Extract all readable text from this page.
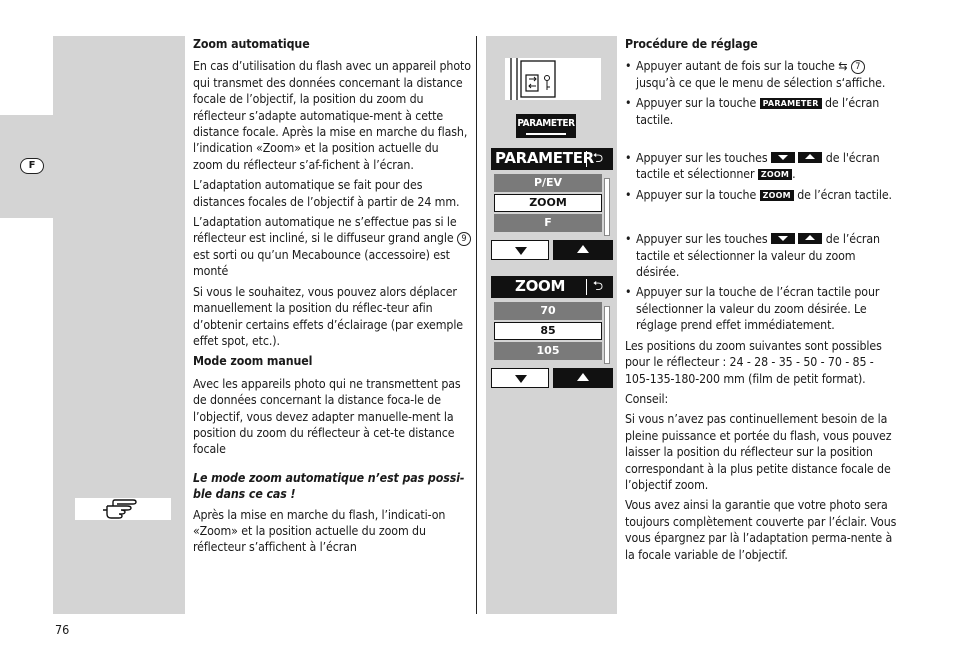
F
Zoom automatique

En cas d’utilisation du flash avec un appareil photo qui transmet des données concernant la distance focale de l’objectif, la position du zoom du réflecteur s’adapte automatique-ment à cette distance focale. Après la mise en marche du flash, l’indication «Zoom» et la position actuelle du zoom du réflecteur s’af-fichent à l’écran.

L’adaptation automatique se fait pour des distances focales de l’objectif à partir de 24 mm.

L’adaptation automatique ne s’effectue pas si le réflecteur est incliné, si le diffuseur grand angle 9 est sorti ou qu’un Mecabounce (accessoire) est monté

Si vous le souhaitez, vous pouvez alors déplacer manuellement la position du réflec-teur afin d’obtenir certains effets d’éclairage (par exemple effet spot, etc.).

Mode zoom manuel

Avec les appareils photo qui ne transmettent pas de données concernant la distance foca-le de l’objectif, vous devez adapter manuelle-ment la position du zoom du réflecteur à cet-te distance focale

Le mode zoom automatique n’est pas possi-ble dans ce cas !

Après la mise en marche du flash, l’indicati-on «Zoom» et la position actuelle du zoom du réflecteur s’affichent à l’écran

PARAMETER
PARAMETER
⮌
P/EV
ZOOM
F
ZOOM	⮌
70
85
105
Procédure de réglage
• Appuyer autant de fois sur la touche ⇆ 7 jusqu’à ce que le menu de sélection s‘affiche.
• Appuyer sur la touche PARAMETER de l’écran tactile.
• Appuyer sur les touches
	de l'écran tactile et sélectionner ZOOM .
• Appuyer sur la touche ZOOM de l’écran tactile.
• Appuyer sur les touches
	de l’écran tactile et sélectionner la valeur du zoom désirée.
• Appuyer sur la touche de l’écran tactile pour sélectionner la valeur du zoom désirée. Le réglage prend effet immédiatement.

Les positions du zoom suivantes sont possibles pour le réflecteur : 24 - 28 - 35 - 50 - 70 - 85 - 105-135-180-200 mm (film de petit format).

Conseil:

Si vous n’avez pas continuellement besoin de la pleine puissance et portée du flash, vous pouvez laisser la position du réflecteur sur la position correspondant à la plus petite distance focale de l’objectif zoom.

Vous avez ainsi la garantie que votre photo sera toujours complètement couverte par l’éclair. Vous vous épargnez par là l’adaptation perma-nente à la focale variable de l’objectif.

76
